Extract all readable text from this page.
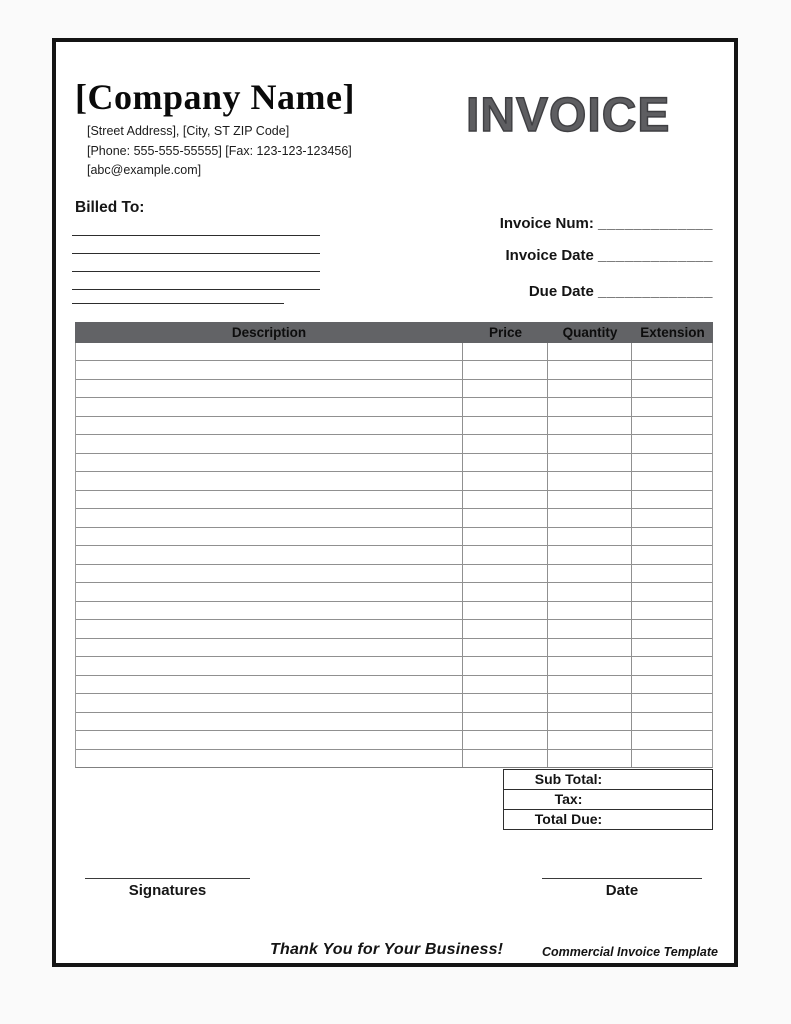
[Company Name]
[Street Address], [City, ST ZIP Code]
[Phone: 555-555-55555] [Fax: 123-123-123456]
[abc@example.com]
INVOICE
Billed To:
Invoice Num: _____________
Invoice Date _____________
Due Date _____________
Description	Price	Quantity	Extension
Sub Total:
Tax:
Total Due:
Signatures	Date
Thank You for Your Business!	Commercial Invoice Template
